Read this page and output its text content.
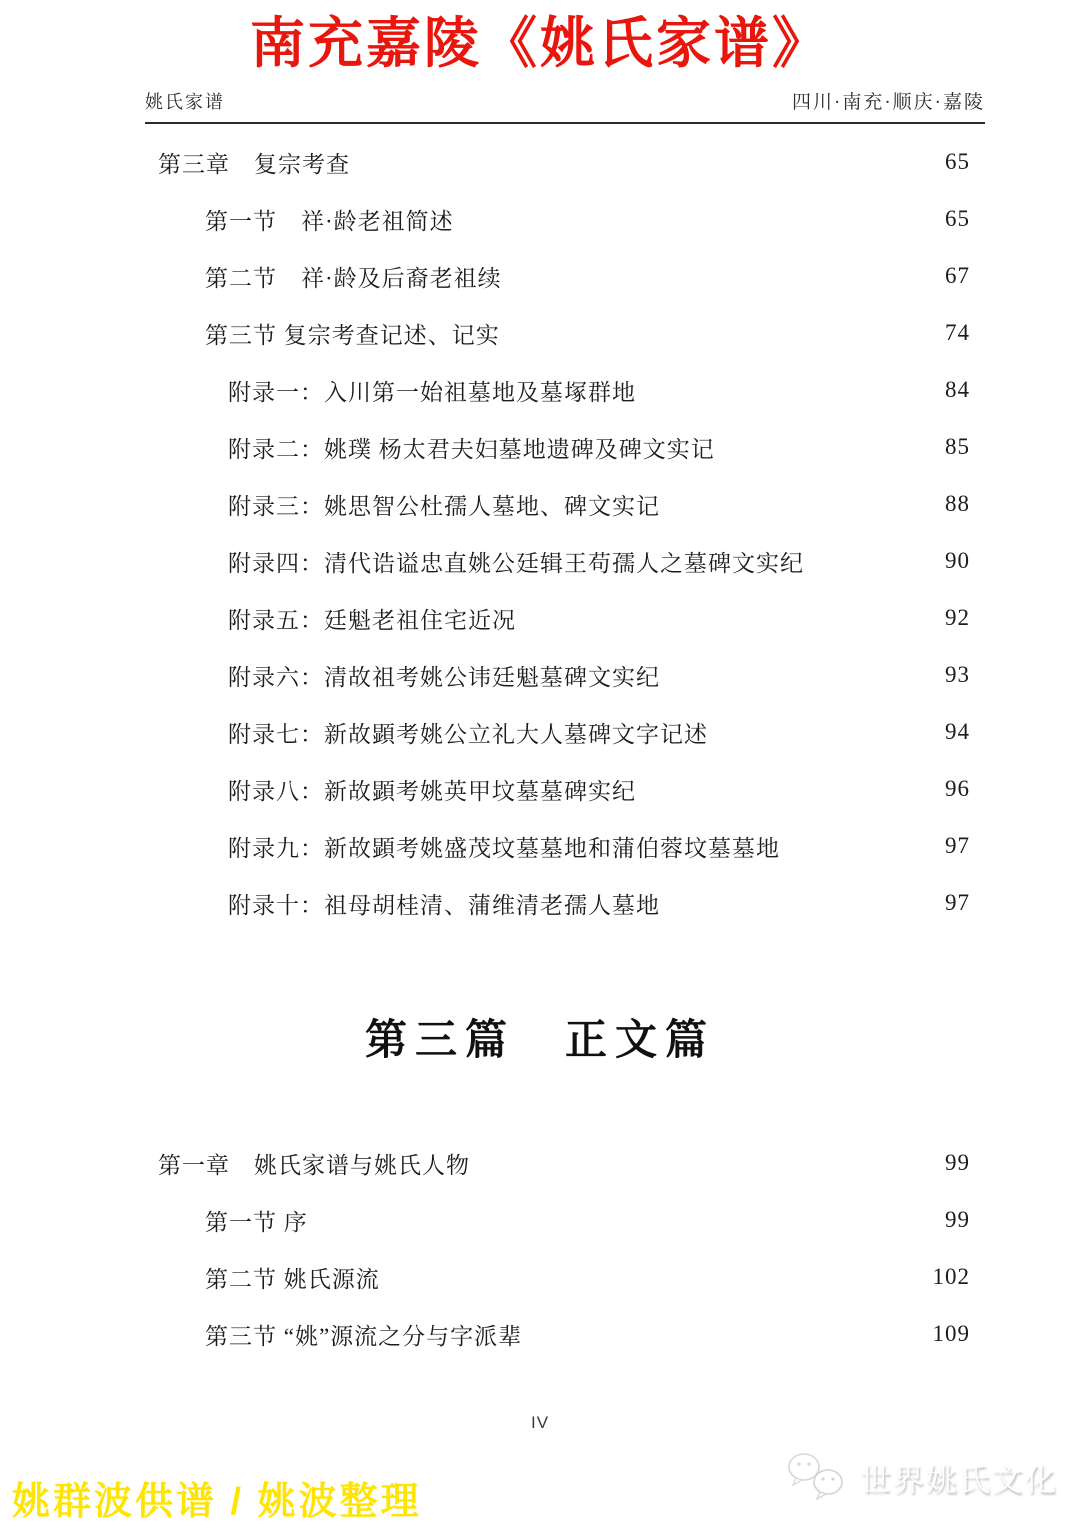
南充嘉陵《姚氏家谱》
姚氏家谱	四川·南充·顺庆·嘉陵
第三章　复宗考查	65
第一节　祥·龄老祖简述	65
第二节　祥·龄及后裔老祖续	67
第三节 复宗考查记述、记实	74
附录一：入川第一始祖墓地及墓塚群地	84
附录二：姚璞 杨太君夫妇墓地遗碑及碑文实记	85
附录三：姚思智公杜孺人墓地、碑文实记	88
附录四：清代诰谥忠直姚公廷辑王苟孺人之墓碑文实纪	90
附录五：廷魁老祖住宅近况	92
附录六：清故祖考姚公讳廷魁墓碑文实纪	93
附录七：新故顕考姚公立礼大人墓碑文字记述	94
附录八：新故顕考姚英甲坟墓墓碑实纪	96
附录九：新故顕考姚盛茂坟墓墓地和蒲伯蓉坟墓墓地	97
附录十：祖母胡桂清、蒲维清老孺人墓地	97
第三篇　正文篇
第一章　姚氏家谱与姚氏人物	99
第一节 序	99
第二节 姚氏源流	102
第三节 “姚”源流之分与字派辈	109
IV
姚群波供谱 / 姚波整理
世界姚氏文化
